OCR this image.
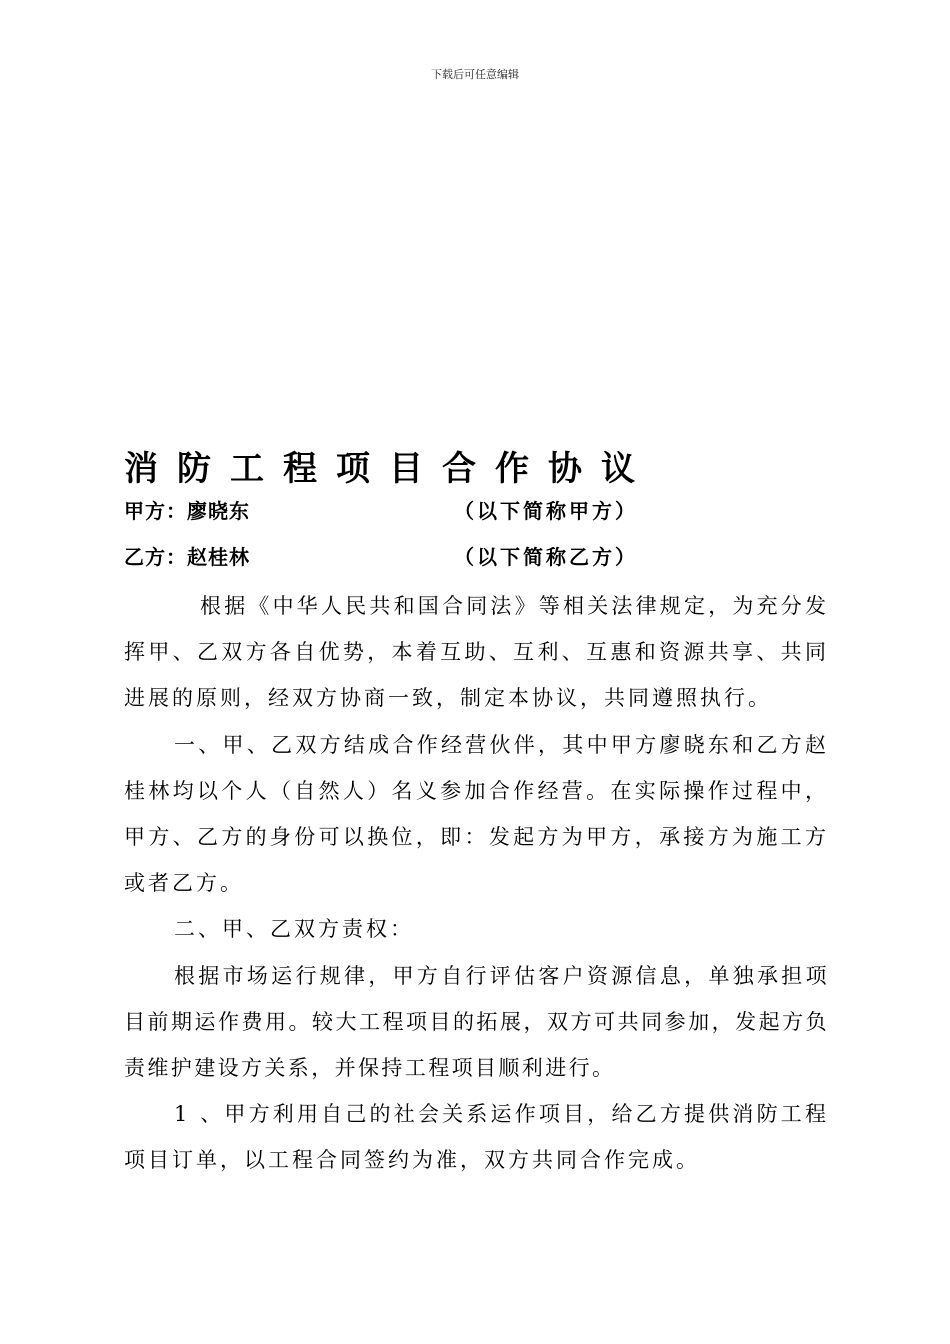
下载后可任意编辑
消防工程项目合作协议
甲方：廖晓东	（以下简称甲方）
乙方：赵桂林	（以下简称乙方）

根据《中华人民共和国合同法》等相关法律规定，为充分发挥甲、乙双方各自优势，本着互助、互利、互惠和资源共享、共同进展的原则，经双方协商一致，制定本协议，共同遵照执行。

一、甲、乙双方结成合作经营伙伴，其中甲方廖晓东和乙方赵桂林均以个人（自然人）名义参加合作经营。在实际操作过程中，甲方、乙方的身份可以换位，即：发起方为甲方，承接方为施工方或者乙方。

二、甲、乙双方责权：

根据市场运行规律，甲方自行评估客户资源信息，单独承担项目前期运作费用。较大工程项目的拓展，双方可共同参加，发起方负责维护建设方关系，并保持工程项目顺利进行。

1 、甲方利用自己的社会关系运作项目，给乙方提供消防工程项目订单，以工程合同签约为准，双方共同合作完成。
